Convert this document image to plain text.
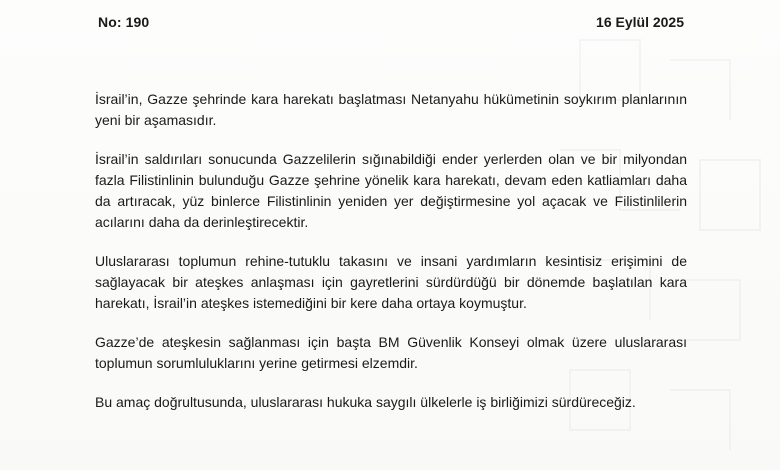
No: 190	16 Eylül 2025

İsrail’in, Gazze şehrinde kara harekatı başlatması Netanyahu hükümetinin soykırım planlarının yeni bir aşamasıdır.

İsrail’in saldırıları sonucunda Gazzelilerin sığınabildiği ender yerlerden olan ve bir milyondan fazla Filistinlinin bulunduğu Gazze şehrine yönelik kara harekatı, devam eden katliamları daha da artıracak, yüz binlerce Filistinlinin yeniden yer değiştirmesine yol açacak ve Filistinlilerin acılarını daha da derinleştirecektir.

Uluslararası toplumun rehine-tutuklu takasını ve insani yardımların kesintisiz erişimini de sağlayacak bir ateşkes anlaşması için gayretlerini sürdürdüğü bir dönemde başlatılan kara harekatı, İsrail’in ateşkes istemediğini bir kere daha ortaya koymuştur.

Gazze’de ateşkesin sağlanması için başta BM Güvenlik Konseyi olmak üzere uluslararası toplumun sorumluluklarını yerine getirmesi elzemdir.

Bu amaç doğrultusunda, uluslararası hukuka saygılı ülkelerle iş birliğimizi sürdüreceğiz.
